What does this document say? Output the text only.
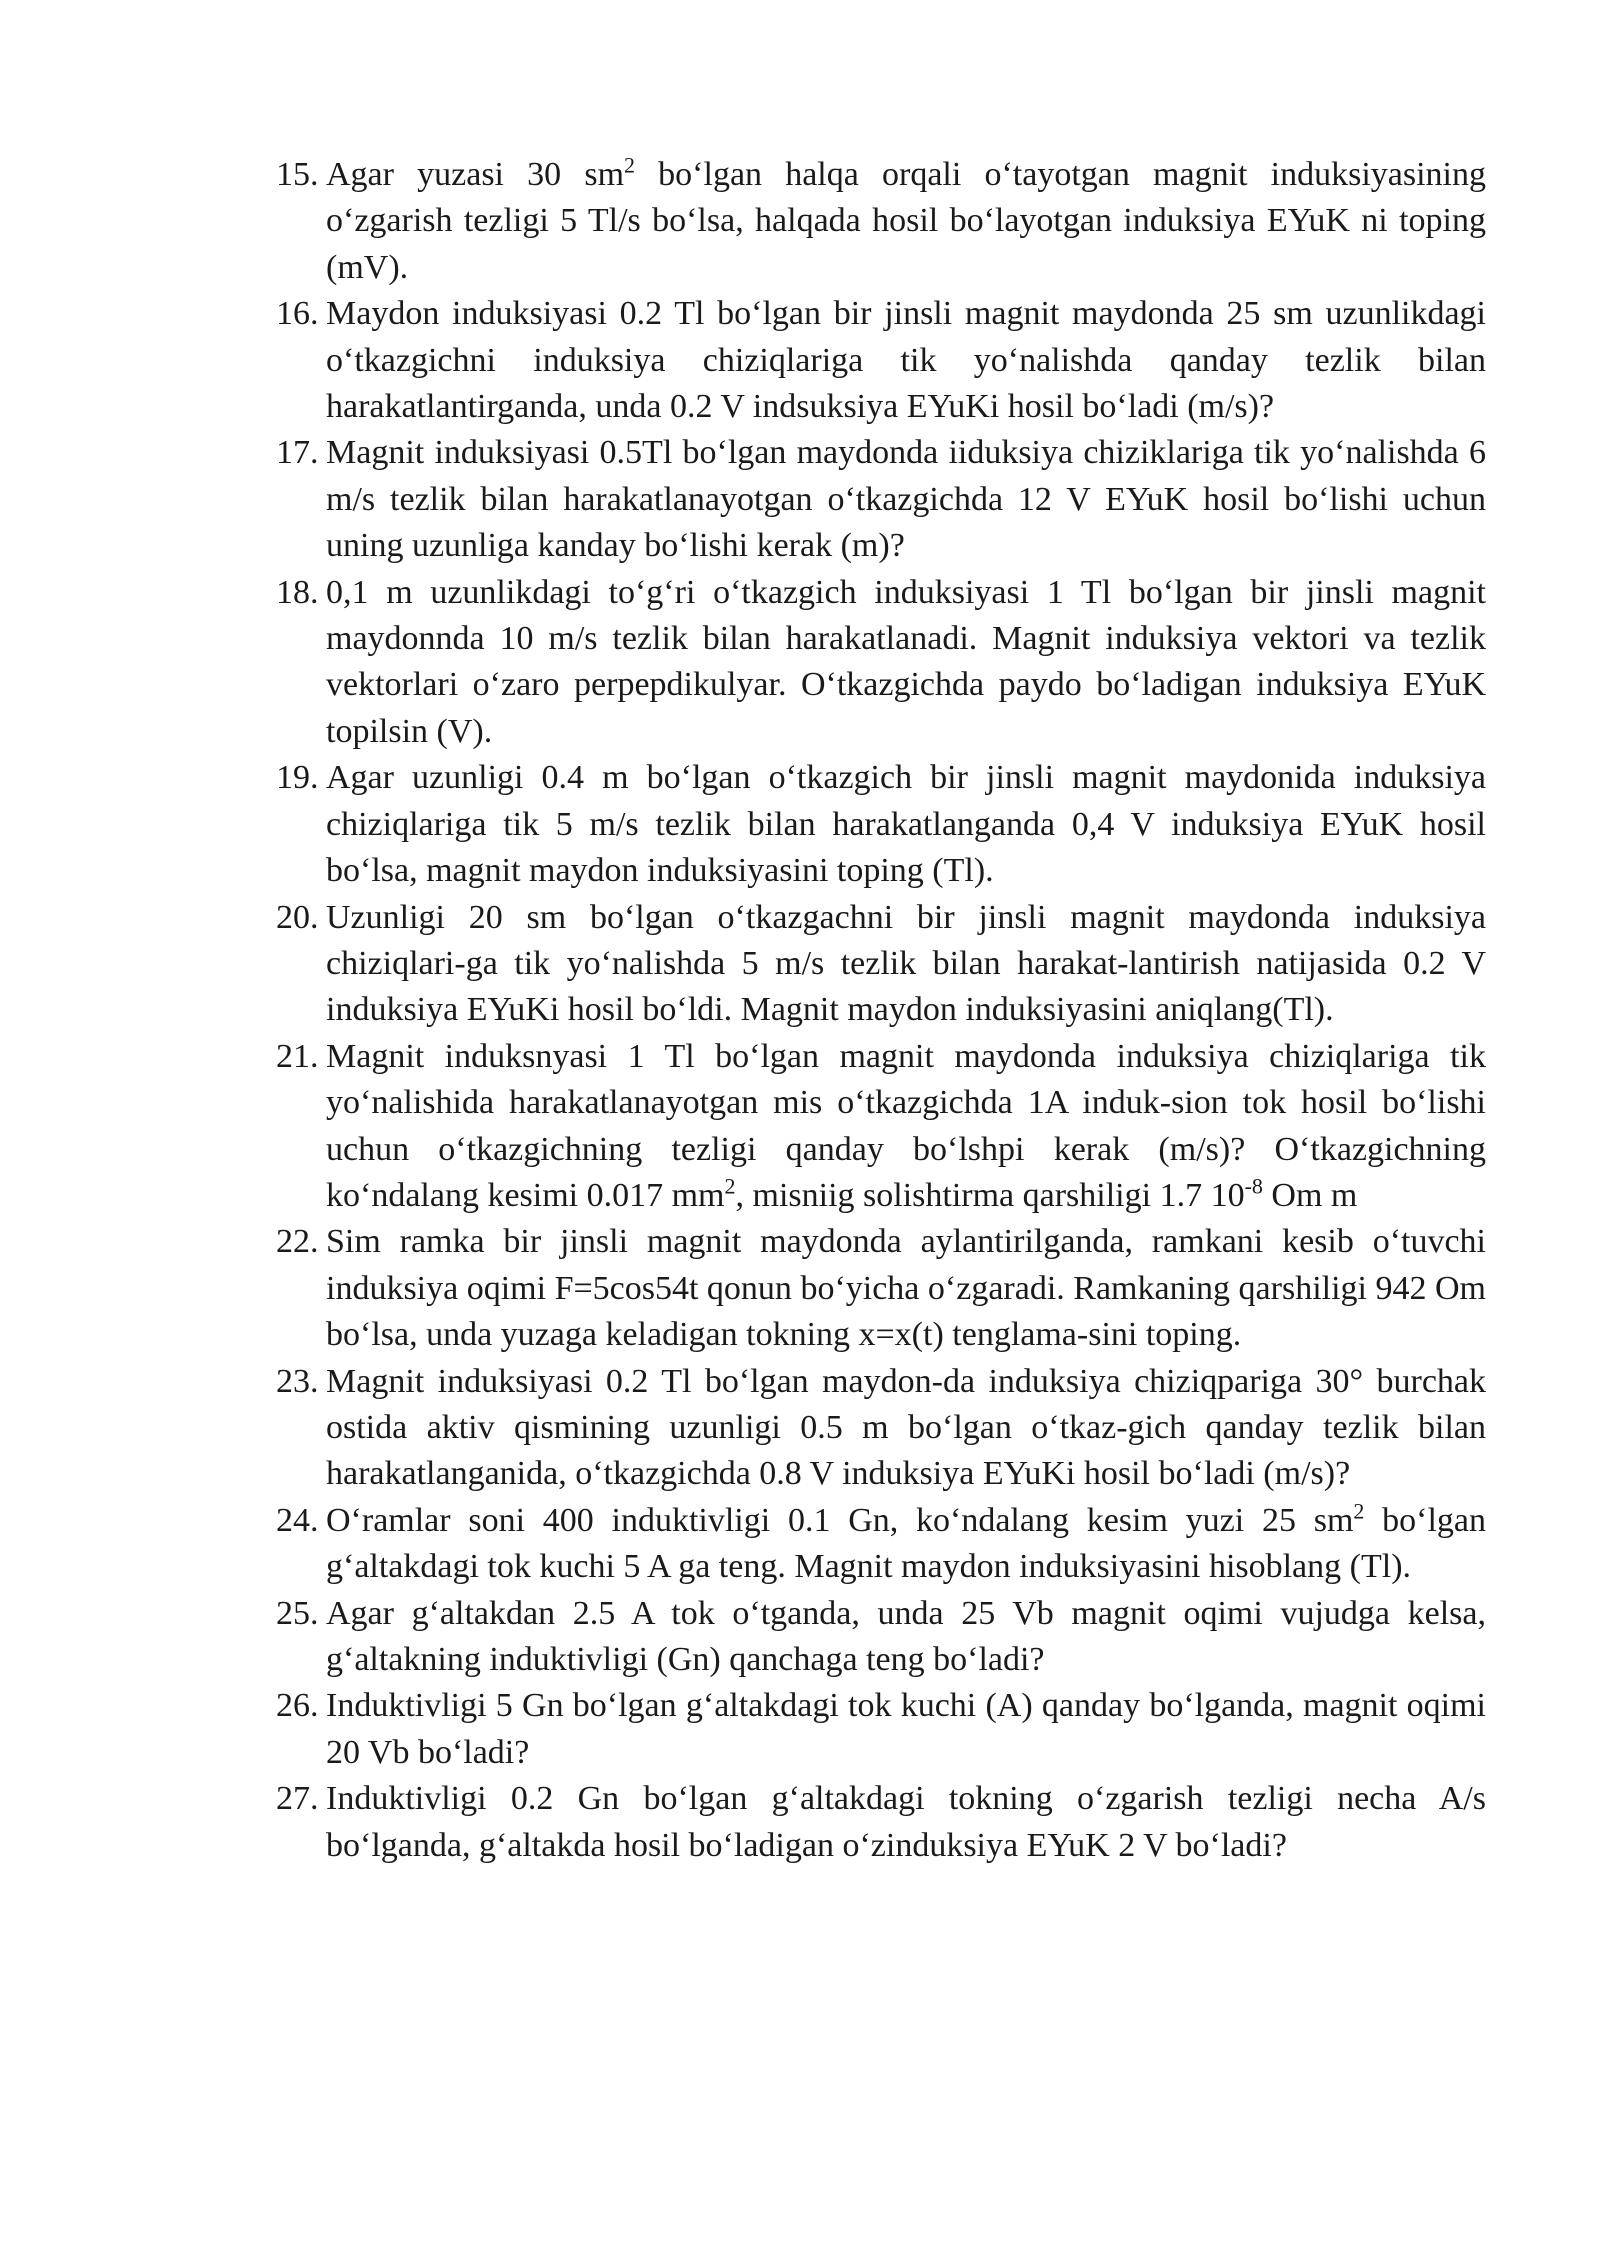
15. Agar yuzasi 30 $sm^2$ bo‘lgan halqa orqali o‘tayotgan magnit induksiyasining o‘zgarish tezligi 5 Tl/s bo‘lsa, halqada hosil bo‘layotgan induksiya EYuK ni toping (mV).
16. Maydon induksiyasi 0.2 Tl bo‘lgan bir jinsli magnit maydonda 25 sm uzunlikdagi o‘tkazgichni induksiya chiziqlariga tik yo‘nalishda qanday tezlik bilan harakatlantirganda, unda 0.2 V indsuksiya EYuKi hosil bo‘ladi (m/s)?
17. Magnit induksiyasi 0.5Tl bo‘lgan maydonda iiduksiya chiziklariga tik yo‘nalishda 6 m/s tezlik bilan harakatlanayotgan o‘tkazgichda 12 V EYuK hosil bo‘lishi uchun uning uzunliga kanday bo‘lishi kerak (m)?
18. 0,1 m uzunlikdagi to‘g‘ri o‘tkazgich induksiyasi 1 Tl bo‘lgan bir jinsli magnit maydonnda 10 m/s tezlik bilan harakatlanadi. Magnit induksiya vektori va tezlik vektorlari o‘zaro perpepdikulyar. O‘tkazgichda paydo bo‘ladigan induksiya EYuK topilsin (V).
19. Agar uzunligi 0.4 m bo‘lgan o‘tkazgich bir jinsli magnit maydonida induksiya chiziqlariga tik 5 m/s tezlik bilan harakatlanganda 0,4 V induksiya EYuK hosil bo‘lsa, magnit maydon induksiyasini toping (Tl).
20. Uzunligi 20 sm bo‘lgan o‘tkazgachni bir jinsli magnit maydonda induksiya chiziqlari-ga tik yo‘nalishda 5 m/s tezlik bilan harakat-lantirish natijasida 0.2 V induksiya EYuKi hosil bo‘ldi. Magnit maydon induksiyasini aniqlang(Tl).
21. Magnit induksnyasi 1 Tl bo‘lgan magnit maydonda induksiya chiziqlariga tik yo‘nalishida harakatlanayotgan mis o‘tkazgichda 1A induk-sion tok hosil bo‘lishi uchun o‘tkazgichning tezligi qanday bo‘lshpi kerak (m/s)? O‘tkazgichning ko‘ndalang kesimi 0.017 $mm^2$, misniig solishtirma qarshiligi 1.7 $10^{-8}$ Om m
22. Sim ramka bir jinsli magnit maydonda aylantirilganda, ramkani kesib o‘tuvchi induksiya oqimi F=5cos54t qonun bo‘yicha o‘zgaradi. Ramkaning qarshiligi 942 Om bo‘lsa, unda yuzaga keladigan tokning x=x(t) tenglama-sini toping.
23. Magnit induksiyasi 0.2 Tl bo‘lgan maydon-da induksiya chiziqpariga 30° burchak ostida aktiv qismining uzunligi 0.5 m bo‘lgan o‘tkaz-gich qanday tezlik bilan harakatlanganida, o‘tkazgichda 0.8 V induksiya EYuKi hosil bo‘ladi (m/s)?
24. O‘ramlar soni 400 induktivligi 0.1 Gn, ko‘ndalang kesim yuzi 25 $sm^2$ bo‘lgan g‘altakdagi tok kuchi 5 A ga teng. Magnit maydon induksiyasini hisoblang (Tl).
25. Agar g‘altakdan 2.5 A tok o‘tganda, unda 25 Vb magnit oqimi vujudga kelsa, g‘altakning induktivligi (Gn) qanchaga teng bo‘ladi?
26. Induktivligi 5 Gn bo‘lgan g‘altakdagi tok kuchi (A) qanday bo‘lganda, magnit oqimi 20 Vb bo‘ladi?
27. Induktivligi 0.2 Gn bo‘lgan g‘altakdagi tokning o‘zgarish tezligi necha A/s bo‘lganda, g‘altakda hosil bo‘ladigan o‘zinduksiya EYuK 2 V bo‘ladi?
